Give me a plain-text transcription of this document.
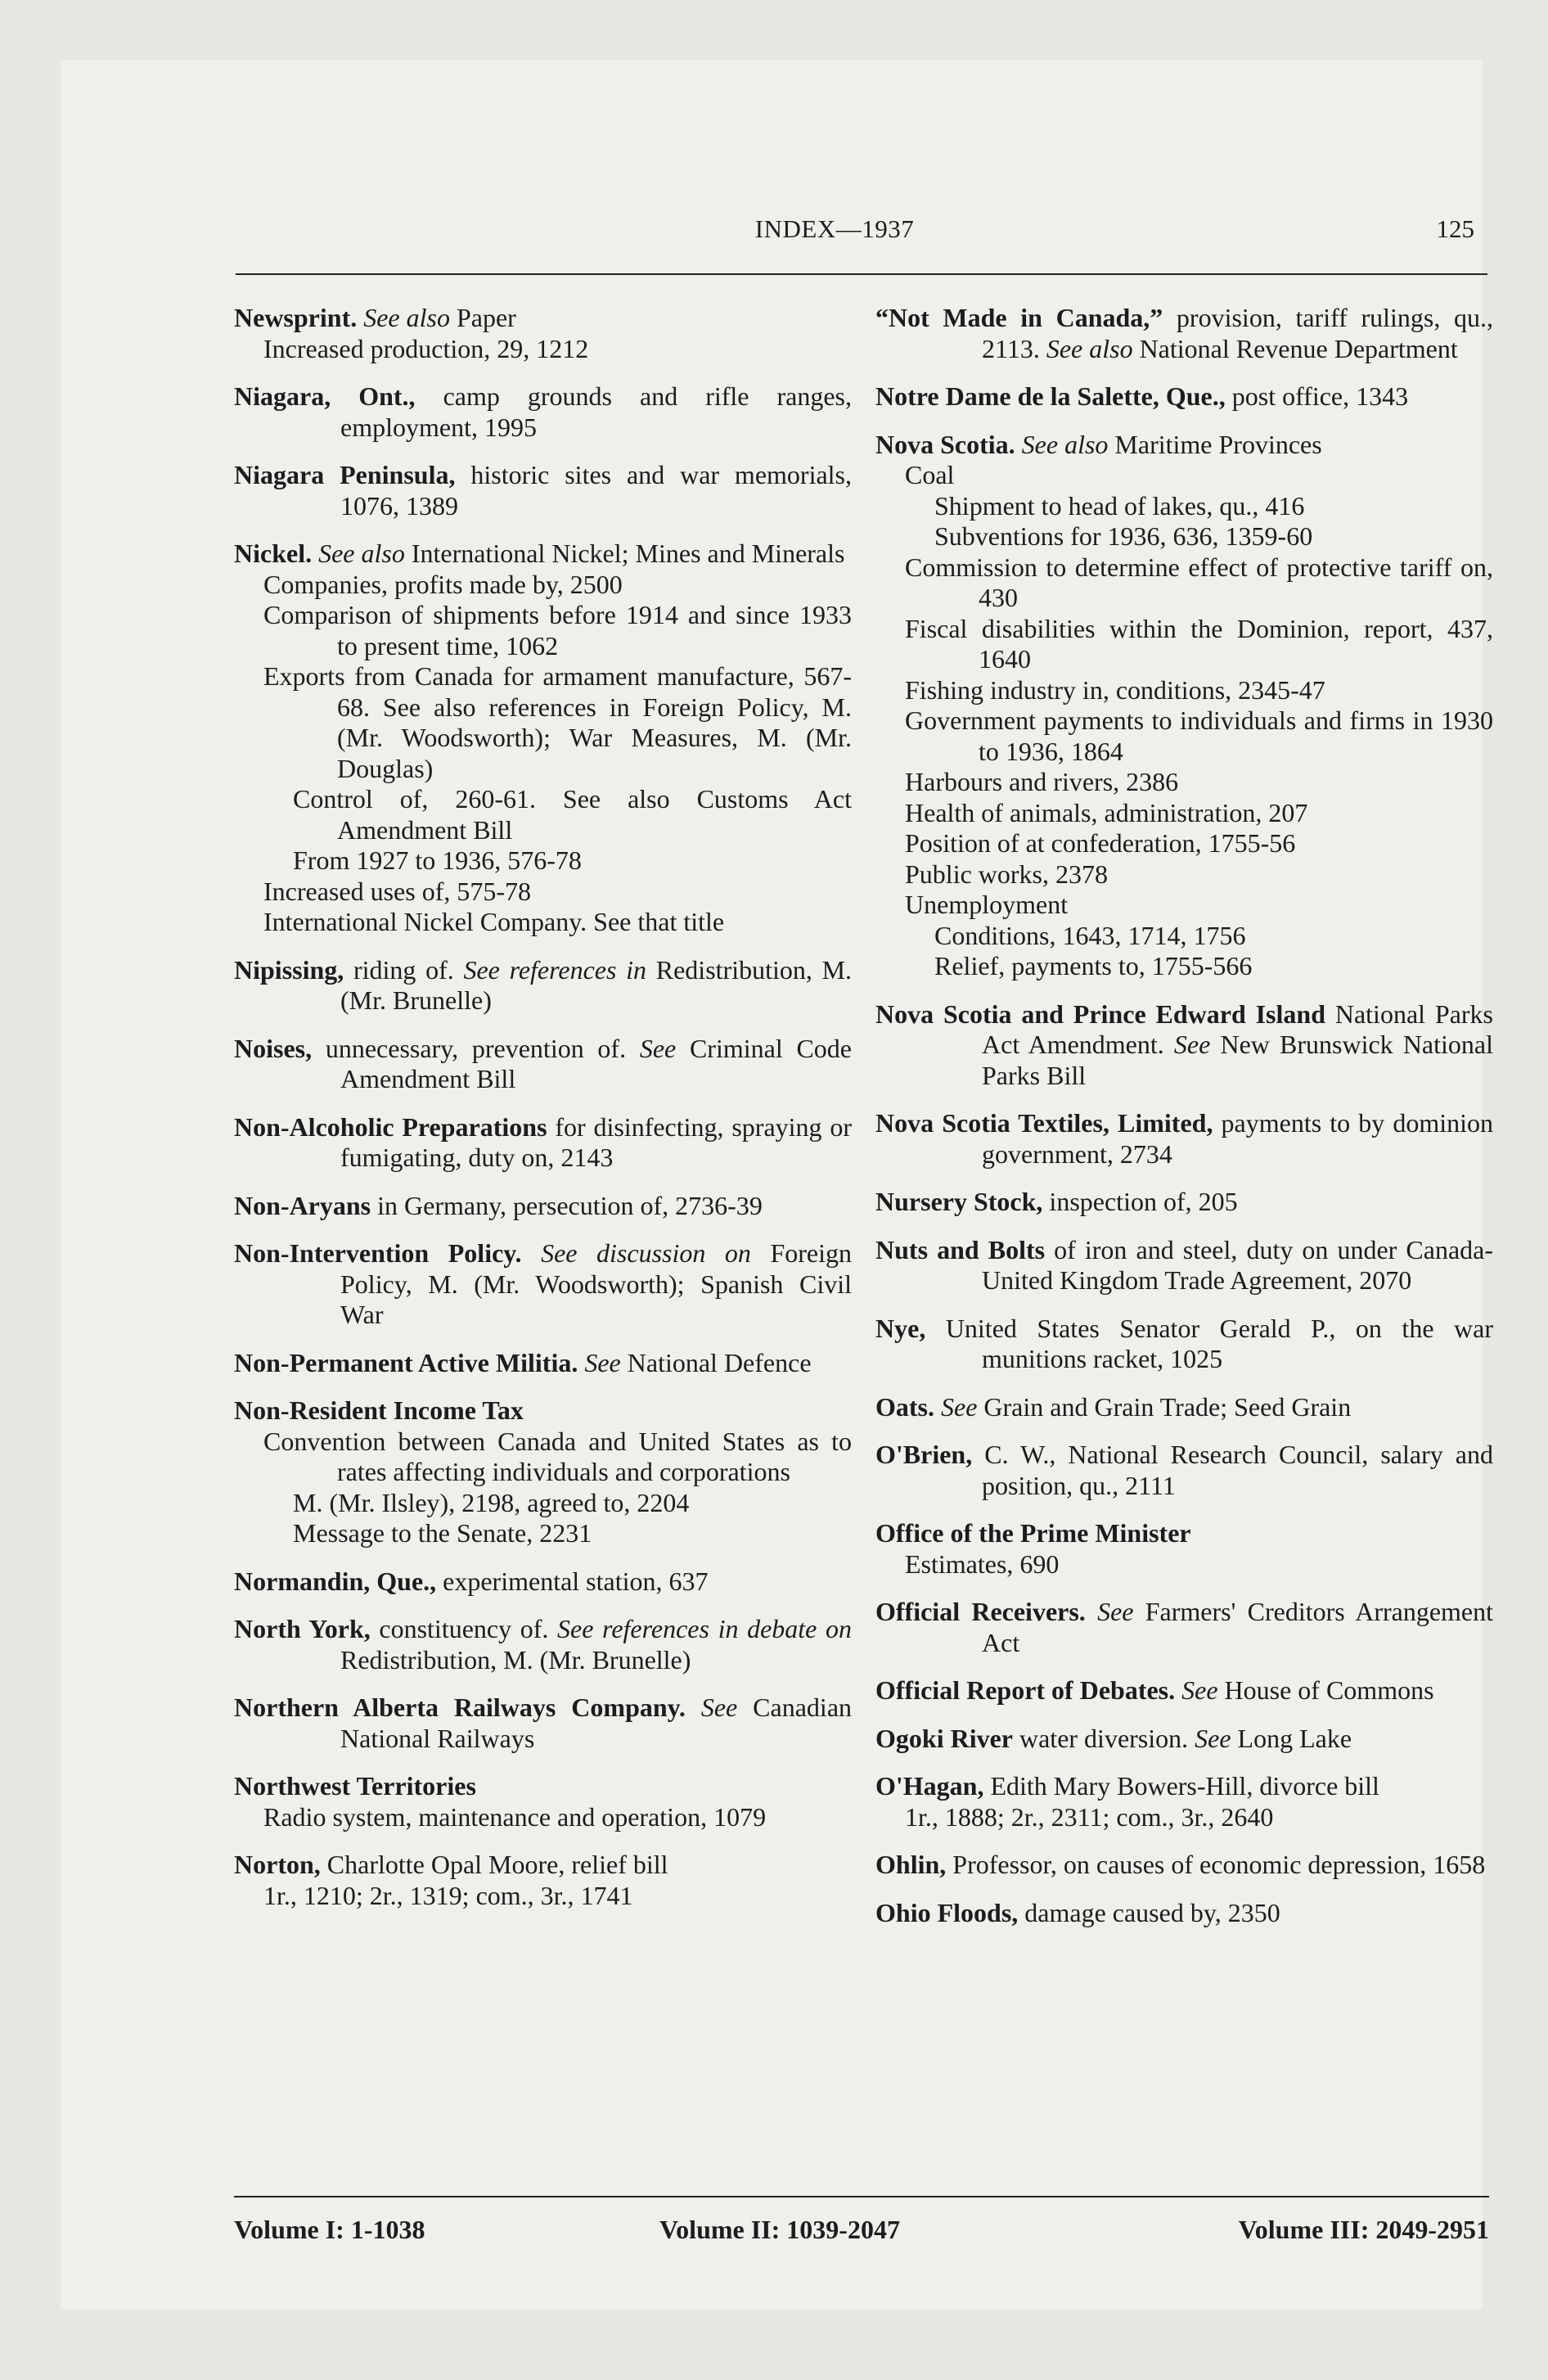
INDEX—1937	125
Newsprint. See also Paper
Increased production, 29, 1212
Niagara, Ont., camp grounds and rifle ranges, employment, 1995
Niagara Peninsula, historic sites and war memorials, 1076, 1389
Nickel. See also International Nickel; Mines and Minerals
Companies, profits made by, 2500
Comparison of shipments before 1914 and since 1933 to present time, 1062
Exports from Canada for armament manufacture, 567-68. See also references in Foreign Policy, M. (Mr. Woodsworth); War Measures, M. (Mr. Douglas)
Control of, 260-61. See also Customs Act Amendment Bill
From 1927 to 1936, 576-78
Increased uses of, 575-78
International Nickel Company. See that title
Nipissing, riding of. See references in Redistribution, M. (Mr. Brunelle)
Noises, unnecessary, prevention of. See Criminal Code Amendment Bill
Non-Alcoholic Preparations for disinfecting, spraying or fumigating, duty on, 2143
Non-Aryans in Germany, persecution of, 2736-39
Non-Intervention Policy. See discussion on Foreign Policy, M. (Mr. Woodsworth); Spanish Civil War
Non-Permanent Active Militia. See National Defence
Non-Resident Income Tax
Convention between Canada and United States as to rates affecting individuals and corporations
M. (Mr. Ilsley), 2198, agreed to, 2204
Message to the Senate, 2231
Normandin, Que., experimental station, 637
North York, constituency of. See references in debate on Redistribution, M. (Mr. Brunelle)
Northern Alberta Railways Company. See Canadian National Railways
Northwest Territories
Radio system, maintenance and operation, 1079
Norton, Charlotte Opal Moore, relief bill
1r., 1210; 2r., 1319; com., 3r., 1741
“Not Made in Canada,” provision, tariff rulings, qu., 2113. See also National Revenue Department
Notre Dame de la Salette, Que., post office, 1343
Nova Scotia. See also Maritime Provinces
Coal
Shipment to head of lakes, qu., 416
Subventions for 1936, 636, 1359-60
Commission to determine effect of protective tariff on, 430
Fiscal disabilities within the Dominion, report, 437, 1640
Fishing industry in, conditions, 2345-47
Government payments to individuals and firms in 1930 to 1936, 1864
Harbours and rivers, 2386
Health of animals, administration, 207
Position of at confederation, 1755-56
Public works, 2378
Unemployment
Conditions, 1643, 1714, 1756
Relief, payments to, 1755-566
Nova Scotia and Prince Edward Island National Parks Act Amendment. See New Brunswick National Parks Bill
Nova Scotia Textiles, Limited, payments to by dominion government, 2734
Nursery Stock, inspection of, 205
Nuts and Bolts of iron and steel, duty on under Canada-United Kingdom Trade Agreement, 2070
Nye, United States Senator Gerald P., on the war munitions racket, 1025
Oats. See Grain and Grain Trade; Seed Grain
O'Brien, C. W., National Research Council, salary and position, qu., 2111
Office of the Prime Minister
Estimates, 690
Official Receivers. See Farmers' Creditors Arrangement Act
Official Report of Debates. See House of Commons
Ogoki River water diversion. See Long Lake
O'Hagan, Edith Mary Bowers-Hill, divorce bill
1r., 1888; 2r., 2311; com., 3r., 2640
Ohlin, Professor, on causes of economic depression, 1658
Ohio Floods, damage caused by, 2350
Volume I: 1-1038	Volume II: 1039-2047	Volume III: 2049-2951
